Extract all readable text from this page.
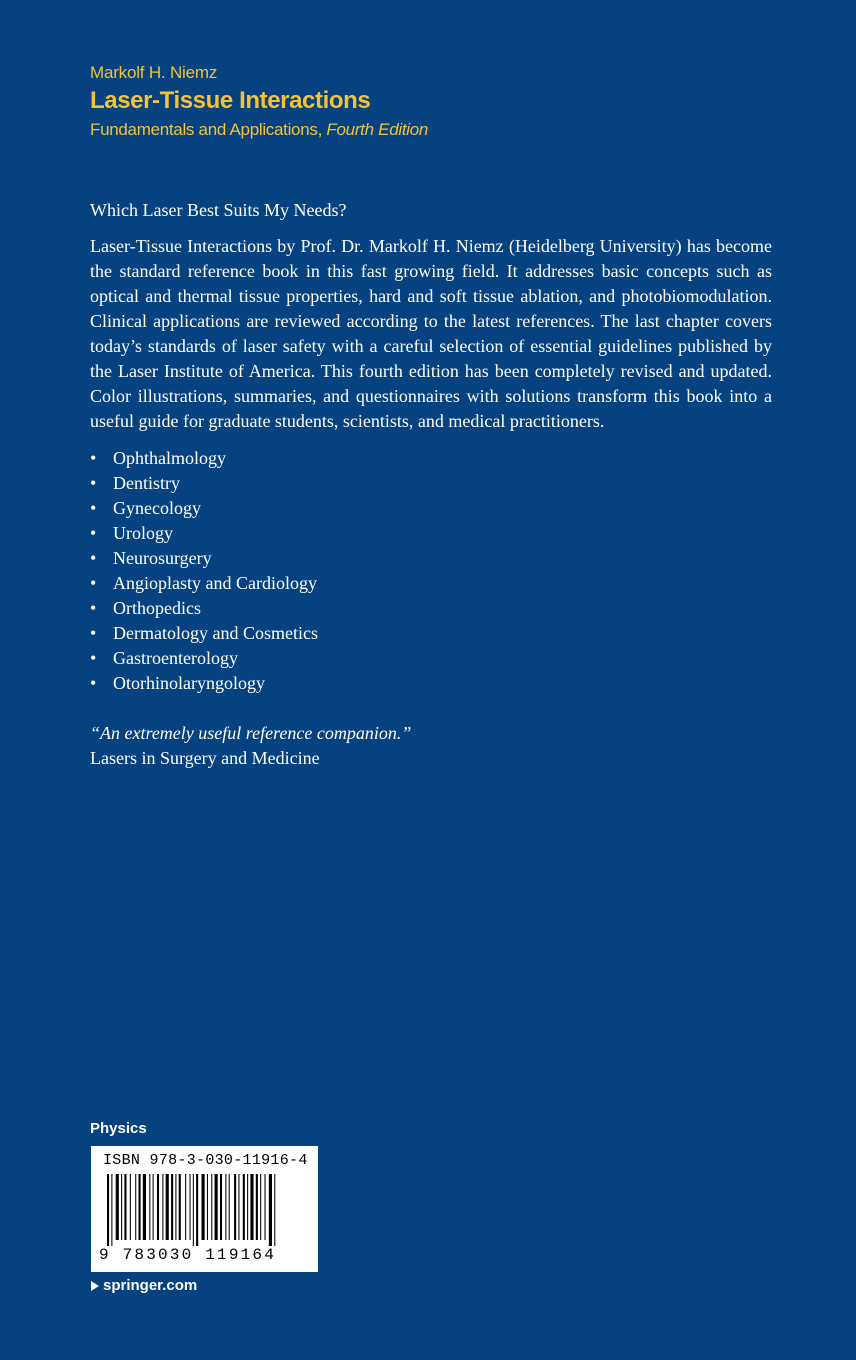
Markolf H. Niemz
Laser-Tissue Interactions
Fundamentals and Applications, Fourth Edition
Which Laser Best Suits My Needs?

Laser-Tissue Interactions by Prof. Dr. Markolf H. Niemz (Heidelberg University) has become the standard reference book in this fast growing field. It addresses basic concepts such as optical and thermal tissue properties, hard and soft tissue ablation, and photobiomodulation. Clinical applications are reviewed according to the latest references. The last chapter covers today’s standards of laser safety with a careful selection of essential guidelines published by the Laser Institute of America. This fourth edition has been completely revised and updated. Color illustrations, summaries, and questionnaires with solutions transform this book into a useful guide for graduate students, scientists, and medical practitioners.

• Ophthalmology
• Dentistry
• Gynecology
• Urology
• Neurosurgery
• Angioplasty and Cardiology
• Orthopedics
• Dermatology and Cosmetics
• Gastroenterology
• Otorhinolaryngology
“An extremely useful reference companion.”
Lasers in Surgery and Medicine
Physics
ISBN 978-3-030-11916-4
9 783030 119164
springer.com
